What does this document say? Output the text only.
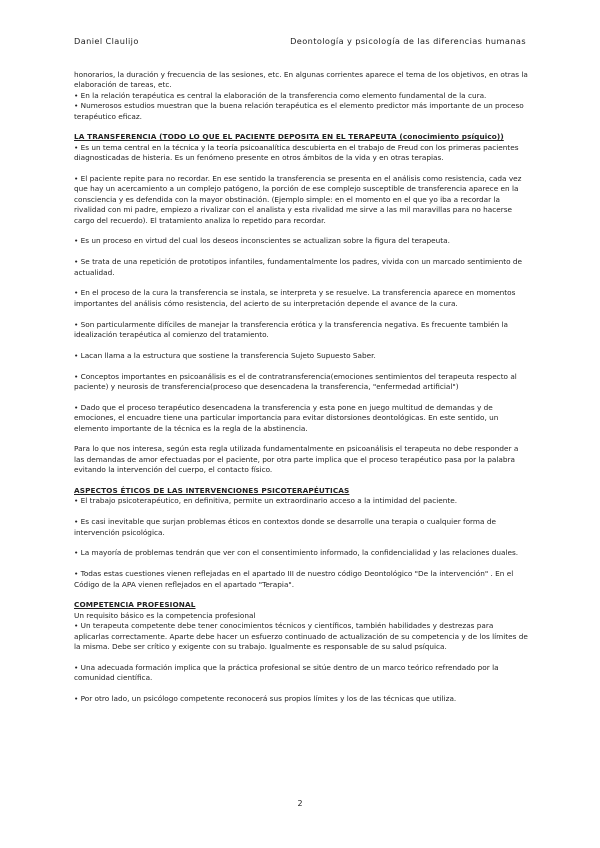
Daniel Claulijo	Deontología y psicología de las diferencias humanas

honorarios, la duración y frecuencia de las sesiones, etc. En algunas corrientes aparece el tema de los objetivos, en otras la elaboración de tareas, etc.

• En la relación terapéutica es central la elaboración de la transferencia como elemento fundamental de la cura.

• Numerosos estudios muestran que la buena relación terapéutica es el elemento predictor más importante de un proceso terapéutico eficaz.

LA TRANSFERENCIA (TODO LO QUE EL PACIENTE DEPOSITA EN EL TERAPEUTA (conocimiento psíquico))

• Es un tema central en la técnica y la teoría psicoanalítica descubierta en el trabajo de Freud con los primeras pacientes diagnosticadas de histeria. Es un fenómeno presente en otros ámbitos de la vida y en otras terapias.

• El paciente repite para no recordar. En ese sentido la transferencia se presenta en el análisis como resistencia, cada vez que hay un acercamiento a un complejo patógeno, la porción de ese complejo susceptible de transferencia aparece en la consciencia y es defendida con la mayor obstinación. (Ejemplo simple: en el momento en el que yo iba a recordar la rivalidad con mi padre, empiezo a rivalizar con el analista y esta rivalidad me sirve a las mil maravillas para no hacerse cargo del recuerdo). El tratamiento analiza lo repetido para recordar.

• Es un proceso en virtud del cual los deseos inconscientes se actualizan sobre la figura del terapeuta.

• Se trata de una repetición de prototipos infantiles, fundamentalmente los padres, vivida con un marcado sentimiento de actualidad.

• En el proceso de la cura la transferencia se instala, se interpreta y se resuelve. La transferencia aparece en momentos importantes del análisis cómo resistencia, del acierto de su interpretación depende el avance de la cura.

• Son particularmente difíciles de manejar la transferencia erótica y la transferencia negativa. Es frecuente también la idealización terapéutica al comienzo del tratamiento.

• Lacan llama a la estructura que sostiene la transferencia Sujeto Supuesto Saber.

• Conceptos importantes en psicoanálisis es el de contratransferencia(emociones sentimientos del terapeuta respecto al paciente) y neurosis de transferencia(proceso que desencadena la transferencia, "enfermedad artificial")

• Dado que el proceso terapéutico desencadena la transferencia y esta pone en juego multitud de demandas y de emociones, el encuadre tiene una particular importancia para evitar distorsiones deontológicas. En este sentido, un elemento importante de la técnica es la regla de la abstinencia.

Para lo que nos interesa, según esta regla utilizada fundamentalmente en psicoanálisis el terapeuta no debe responder a las demandas de amor efectuadas por el paciente, por otra parte implica que el proceso terapéutico pasa por la palabra evitando la intervención del cuerpo, el contacto físico.

ASPECTOS ÉTICOS DE LAS INTERVENCIONES PSICOTERAPÉUTICAS

• El trabajo psicoterapéutico, en definitiva, permite un extraordinario acceso a la intimidad del paciente.

• Es casi inevitable que surjan problemas éticos en contextos donde se desarrolle una terapia o cualquier forma de intervención psicológica.

• La mayoría de problemas tendrán que ver con el consentimiento informado, la confidencialidad y las relaciones duales.

• Todas estas cuestiones vienen reflejadas en el apartado III de nuestro código Deontológico "De la intervención" . En el Código de la APA vienen reflejados en el apartado "Terapia".

COMPETENCIA PROFESIONAL

Un requisito básico es la competencia profesional

• Un terapeuta competente debe tener conocimientos técnicos y científicos, también habilidades y destrezas para aplicarlas correctamente. Aparte debe hacer un esfuerzo continuado de actualización de su competencia y de los límites de la misma. Debe ser crítico y exigente con su trabajo. Igualmente es responsable de su salud psíquica.

• Una adecuada formación implica que la práctica profesional se sitúe dentro de un marco teórico refrendado por la comunidad científica.

• Por otro lado, un psicólogo competente reconocerá sus propios límites y los de las técnicas que utiliza.

2
